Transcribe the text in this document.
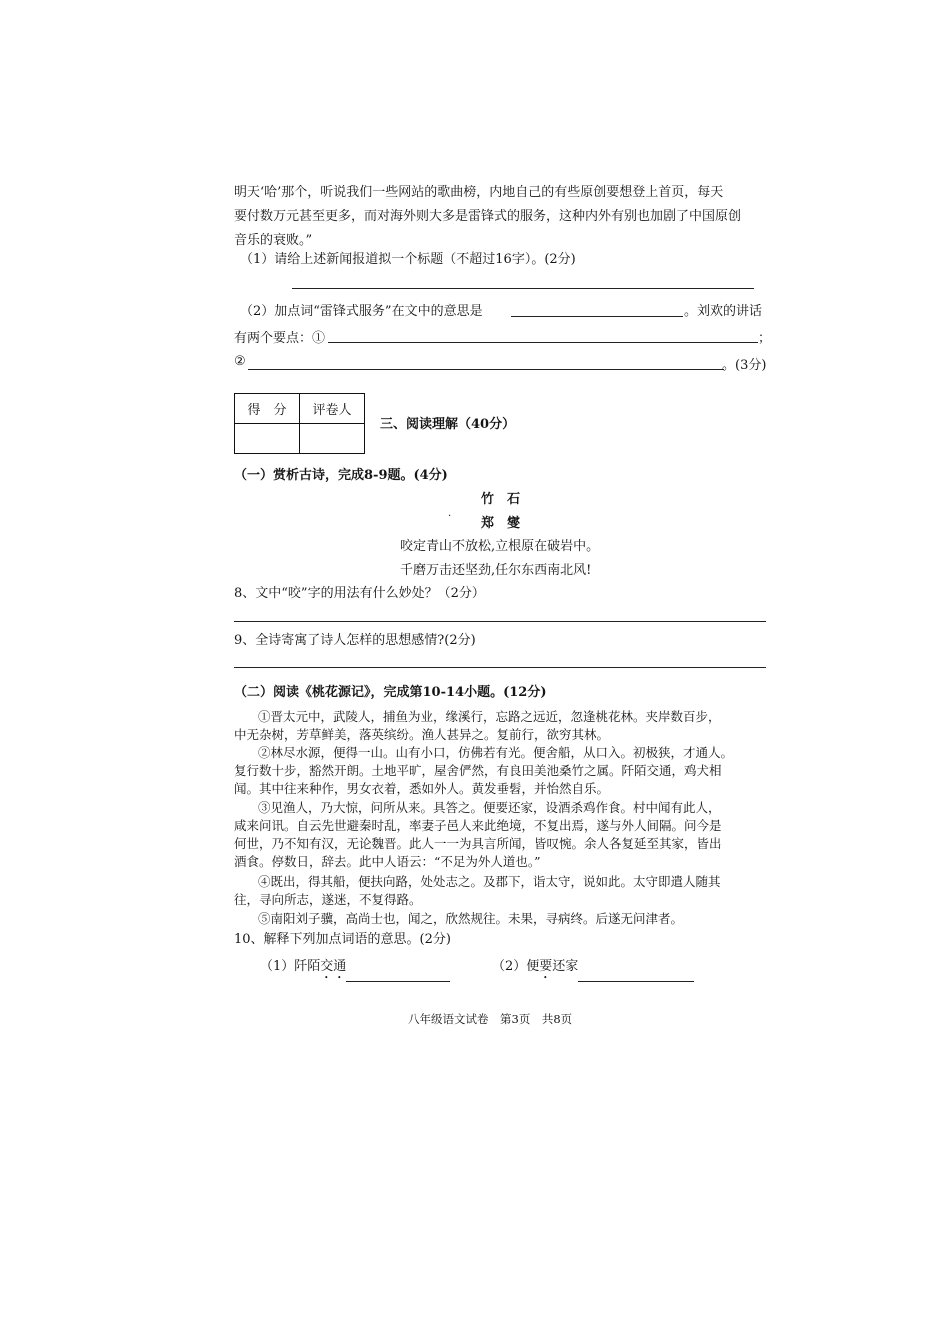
明天‘哈’那个，听说我们一些网站的歌曲榜，内地自己的有些原创要想登上首页，每天
要付数万元甚至更多，而对海外则大多是雷锋式的服务，这种内外有别也加剧了中国原创
音乐的衰败。”
（1）请给上述新闻报道拟一个标题（不超过16字）。(2分)
（2）加点词“雷锋式服务”在文中的意思是	。刘欢的讲话
有两个要点：①	；
②	。(3分)
得　分	评卷人

三、阅读理解（40分）
（一）赏析古诗，完成8-9题。(4分)
竹　石
· 郑　燮
咬定青山不放松,立根原在破岩中。
千磨万击还坚劲,任尔东西南北风!
8、文中“咬”字的用法有什么妙处？（2分）
9、全诗寄寓了诗人怎样的思想感情?(2分)
（二）阅读《桃花源记》，完成第10-14小题。(12分)
①晋太元中，武陵人，捕鱼为业，缘溪行，忘路之远近，忽逢桃花林。夹岸数百步，
中无杂树，芳草鲜美，落英缤纷。渔人甚异之。复前行，欲穷其林。
②林尽水源，便得一山。山有小口，仿佛若有光。便舍船，从口入。初极狭，才通人。
复行数十步，豁然开朗。土地平旷，屋舍俨然，有良田美池桑竹之属。阡陌交通，鸡犬相
闻。其中往来种作，男女衣着，悉如外人。黄发垂髫，并怡然自乐。
③见渔人，乃大惊，问所从来。具答之。便要还家，设酒杀鸡作食。村中闻有此人，
咸来问讯。自云先世避秦时乱，率妻子邑人来此绝境，不复出焉，遂与外人间隔。问今是
何世，乃不知有汉，无论魏晋。此人一一为具言所闻，皆叹惋。余人各复延至其家，皆出
酒食。停数日，辞去。此中人语云：“不足为外人道也。”
④既出，得其船，便扶向路，处处志之。及郡下，诣太守，说如此。太守即遣人随其
往，寻向所志，遂迷，不复得路。
⑤南阳刘子骥，高尚士也，闻之，欣然规往。未果，寻病终。后遂无问津者。
10、解释下列加点词语的意思。(2分)
（1）阡陌交通	（2）便要还家
八年级语文试卷　第3页　共8页
